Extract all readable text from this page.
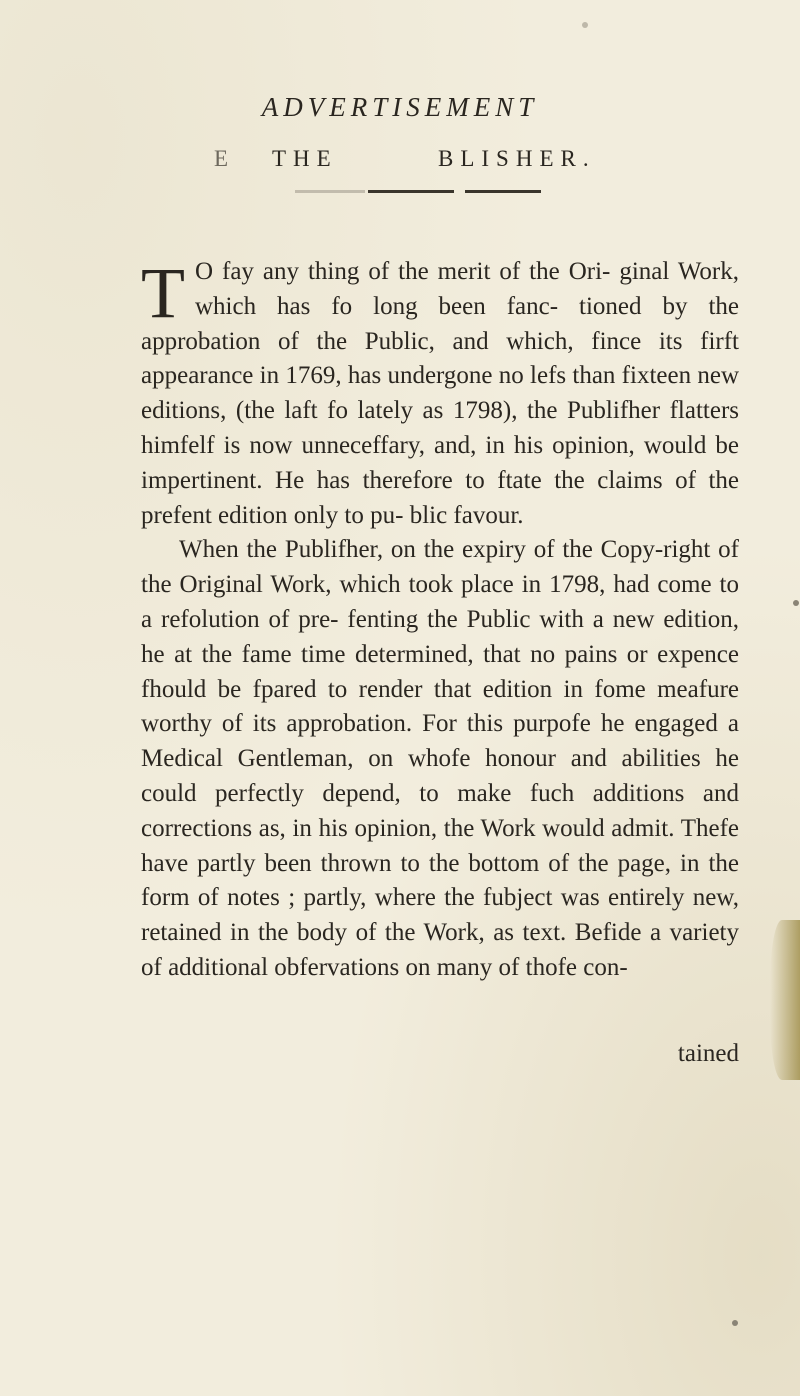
ADVERTISEMENT
E THE	BLISHER.

T O fay any thing of the merit of the Ori- ginal Work, which has fo long been fanc- tioned by the approbation of the Public, and which, fince its firft appearance in 1769, has undergone no lefs than fixteen new editions, (the laft fo lately as 1798), the Publifher flatters himfelf is now unneceffary, and, in his opinion, would be impertinent. He has therefore to ftate the claims of the prefent edition only to pu- blic favour.

When the Publifher, on the expiry of the Copy-right of the Original Work, which took place in 1798, had come to a refolution of pre- fenting the Public with a new edition, he at the fame time determined, that no pains or expence fhould be fpared to render that edition in fome meafure worthy of its approbation. For this purpofe he engaged a Medical Gentleman, on whofe honour and abilities he could perfectly depend, to make fuch additions and corrections as, in his opinion, the Work would admit. Thefe have partly been thrown to the bottom of the page, in the form of notes ; partly, where the fubject was entirely new, retained in the body of the Work, as text. Befide a variety of additional obfervations on many of thofe con-

tained
